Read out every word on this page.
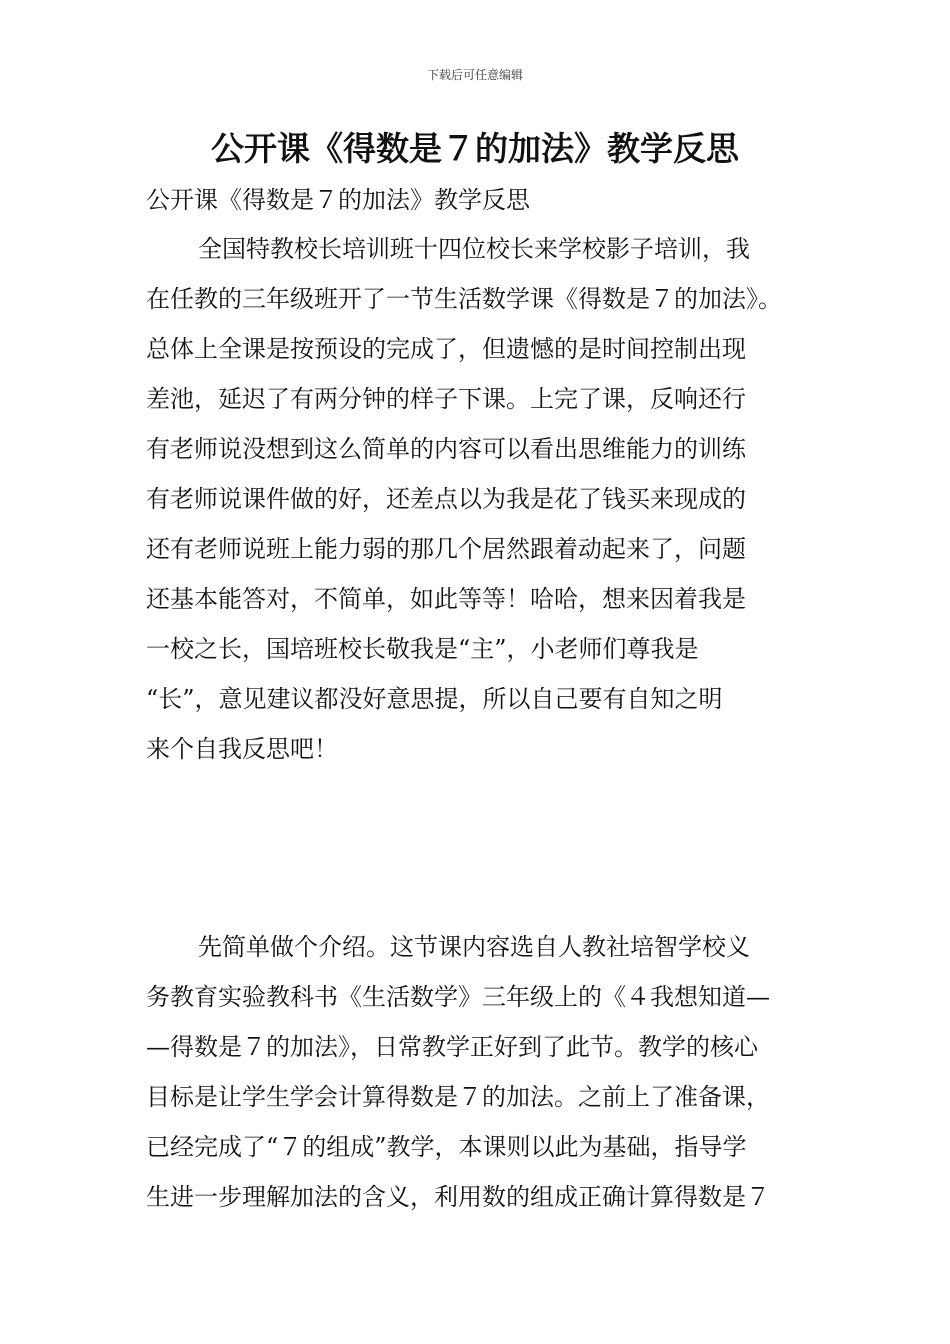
下载后可任意编辑
公开课《得数是７的加法》教学反思

公开课《得数是７的加法》教学反思

全国特教校长培训班十四位校长来学校影子培训，我
在任教的三年级班开了一节生活数学课《得数是７的加法》。
总体上全课是按预设的完成了，但遗憾的是时间控制出现
差池，延迟了有两分钟的样子下课。上完了课，反响还行
有老师说没想到这么简单的内容可以看出思维能力的训练
有老师说课件做的好，还差点以为我是花了钱买来现成的
还有老师说班上能力弱的那几个居然跟着动起来了，问题
还基本能答对，不简单，如此等等！哈哈，想来因着我是
一校之长，国培班校长敬我是“主”，小老师们尊我是
“长”，意见建议都没好意思提，所以自己要有自知之明
来个自我反思吧！
先简单做个介绍。这节课内容选自人教社培智学校义
务教育实验教科书《生活数学》三年级上的《４我想知道—
—得数是７的加法》，日常教学正好到了此节。教学的核心
目标是让学生学会计算得数是７的加法。之前上了准备课，
已经完成了“７的组成”教学，本课则以此为基础，指导学
生进一步理解加法的含义，利用数的组成正确计算得数是７
